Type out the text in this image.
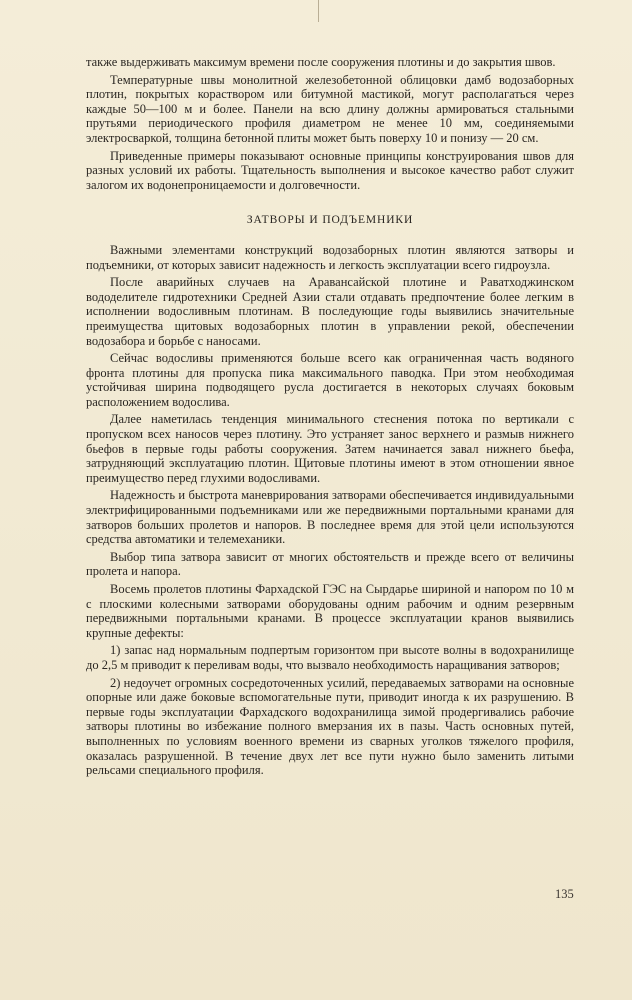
также выдерживать максимум времени после сооружения плотины и до закрытия швов.

Температурные швы монолитной железобетонной облицовки дамб водозаборных плотин, покрытых кораствором или битумной мастикой, могут располагаться через каждые 50—100 м и более. Панели на всю длину должны армироваться стальными прутьями периодического профиля диаметром не менее 10 мм, соединяемыми электросваркой, толщина бетонной плиты может быть поверху 10 и понизу — 20 см.

Приведенные примеры показывают основные принципы конструирования швов для разных условий их работы. Тщательность выполнения и высокое качество работ служит залогом их водонепроницаемости и долговечности.

ЗАТВОРЫ И ПОДЪЕМНИКИ

Важными элементами конструкций водозаборных плотин являются затворы и подъемники, от которых зависит надежность и легкость эксплуатации всего гидроузла.

После аварийных случаев на Аравансайской плотине и Раватходжинском вододелителе гидротехники Средней Азии стали отдавать предпочтение более легким в исполнении водосливным плотинам. В последующие годы выявились значительные преимущества щитовых водозаборных плотин в управлении рекой, обеспечении водозабора и борьбе с наносами.

Сейчас водосливы применяются больше всего как ограниченная часть водяного фронта плотины для пропуска пика максимального паводка. При этом необходимая устойчивая ширина подводящего русла достигается в некоторых случаях боковым расположением водослива.

Далее наметилась тенденция минимального стеснения потока по вертикали с пропуском всех наносов через плотину. Это устраняет занос верхнего и размыв нижнего бьефов в первые годы работы сооружения. Затем начинается завал нижнего бьефа, затрудняющий эксплуатацию плотин. Щитовые плотины имеют в этом отношении явное преимущество перед глухими водосливами.

Надежность и быстрота маневрирования затворами обеспечивается индивидуальными электрифицированными подъемниками или же передвижными портальными кранами для затворов больших пролетов и напоров. В последнее время для этой цели используются средства автоматики и телемеханики.

Выбор типа затвора зависит от многих обстоятельств и прежде всего от величины пролета и напора.

Восемь пролетов плотины Фархадской ГЭС на Сырдарье шириной и напором по 10 м с плоскими колесными затворами оборудованы одним рабочим и одним резервным передвижными портальными кранами. В процессе эксплуатации кранов выявились крупные дефекты:

1) запас над нормальным подпертым горизонтом при высоте волны в водохранилище до 2,5 м приводит к переливам воды, что вызвало необходимость наращивания затворов;

2) недоучет огромных сосредоточенных усилий, передаваемых затворами на основные опорные или даже боковые вспомогательные пути, приводит иногда к их разрушению. В первые годы эксплуатации Фархадского водохранилища зимой продергивались рабочие затворы плотины во избежание полного вмерзания их в пазы. Часть основных путей, выполненных по условиям военного времени из сварных уголков тяжелого профиля, оказалась разрушенной. В течение двух лет все пути нужно было заменить литыми рельсами специального профиля.

135
